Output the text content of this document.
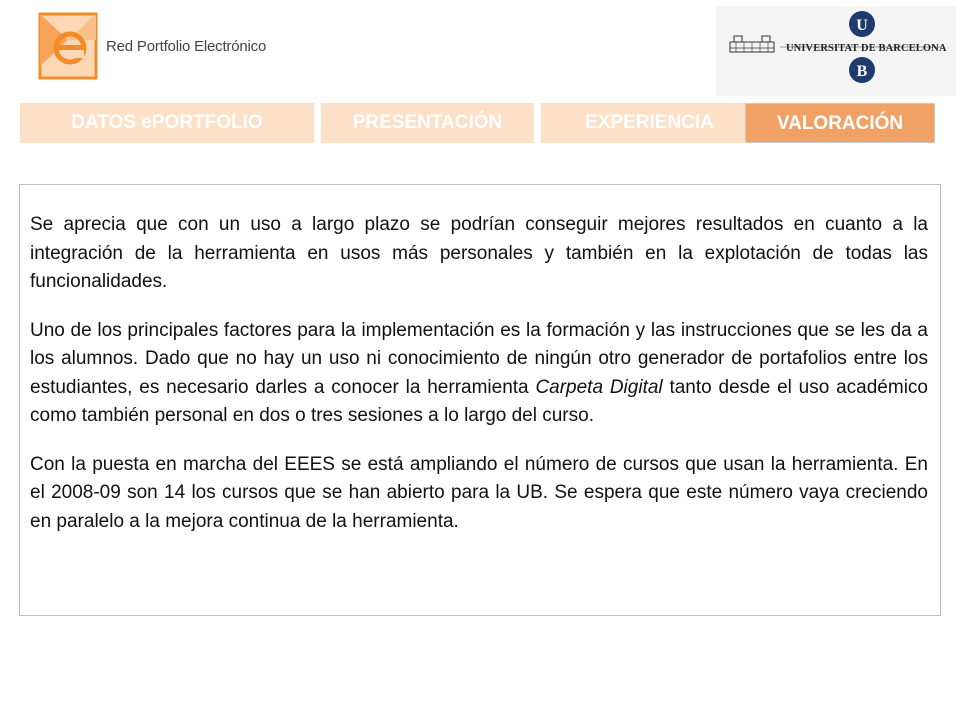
Red Portfolio Electrónico
U
B
UNIVERSITAT DE BARCELONA
DATOS ePORTFOLIO	PRESENTACIÓN	EXPERIENCIA	VALORACIÓN

Se aprecia que con un uso a largo plazo se podrían conseguir mejores resultados en cuanto a la integración de la herramienta en usos más personales y también en la explotación de todas las funcionalidades.

Uno de los principales factores para la implementación es la formación y las instrucciones que se les da a los alumnos. Dado que no hay un uso ni conocimiento de ningún otro generador de portafolios entre los estudiantes, es necesario darles a conocer la herramienta Carpeta Digital tanto desde el uso académico como también personal en dos o tres sesiones a lo largo del curso.

Con la puesta en marcha del EEES se está ampliando el número de cursos que usan la herramienta. En el 2008-09 son 14 los cursos que se han abierto para la UB. Se espera que este número vaya creciendo en paralelo a la mejora continua de la herramienta.
